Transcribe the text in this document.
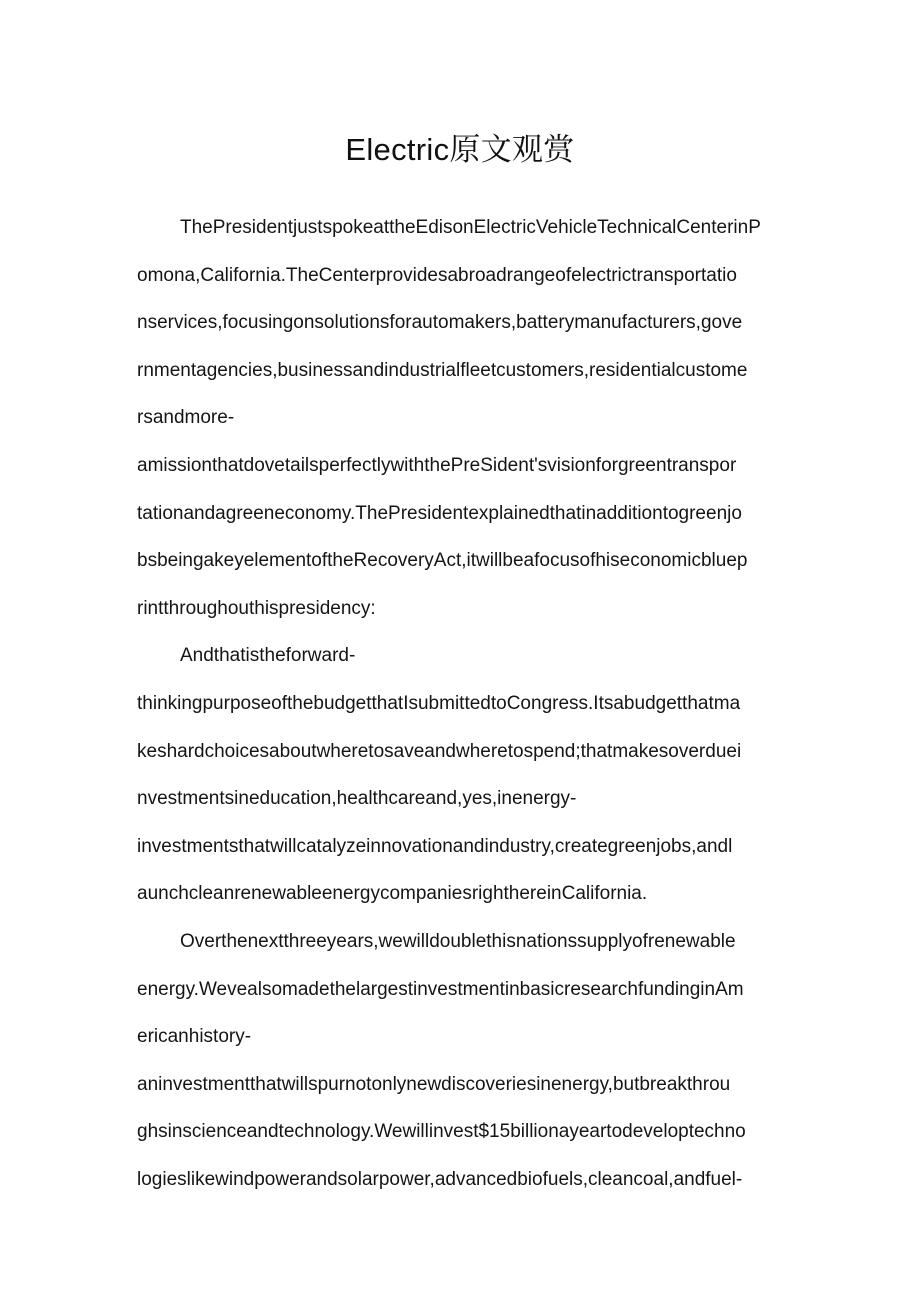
Electric原文观赏
ThePresidentjustspokeattheEdisonElectricVehicleTechnicalCenterinP
omona,California.TheCenterprovidesabroadrangeofelectrictransportatio
nservices,focusingonsolutionsforautomakers,batterymanufacturers,gove
rnmentagencies,businessandindustrialfleetcustomers,residentialcustome
rsandmore-
amissionthatdovetailsperfectlywiththePreSident'svisionforgreentranspor
tationandagreeneconomy.ThePresidentexplainedthatinadditiontogreenjo
bsbeingakeyelementoftheRecoveryAct,itwillbeafocusofhiseconomicbluep
rintthroughouthispresidency:
Andthatistheforward-
thinkingpurposeofthebudgetthatIsubmittedtoCongress.Itsabudgetthatma
keshardchoicesaboutwheretosaveandwheretospend;thatmakesoverduei
nvestmentsineducation,healthcareand,yes,inenergy-
investmentsthatwillcatalyzeinnovationandindustry,creategreenjobs,andl
aunchcleanrenewableenergycompaniesrighthereinCalifornia.
Overthenextthreeyears,wewilldoublethisnationssupplyofrenewable
energy.WevealsomadethelargestinvestmentinbasicresearchfundinginAm
ericanhistory-
aninvestmentthatwillspurnotonlynewdiscoveriesinenergy,butbreakthrou
ghsinscienceandtechnology.Wewillinvest$15billionayeartodeveloptechno
logieslikewindpowerandsolarpower,advancedbiofuels,cleancoal,andfuel-
